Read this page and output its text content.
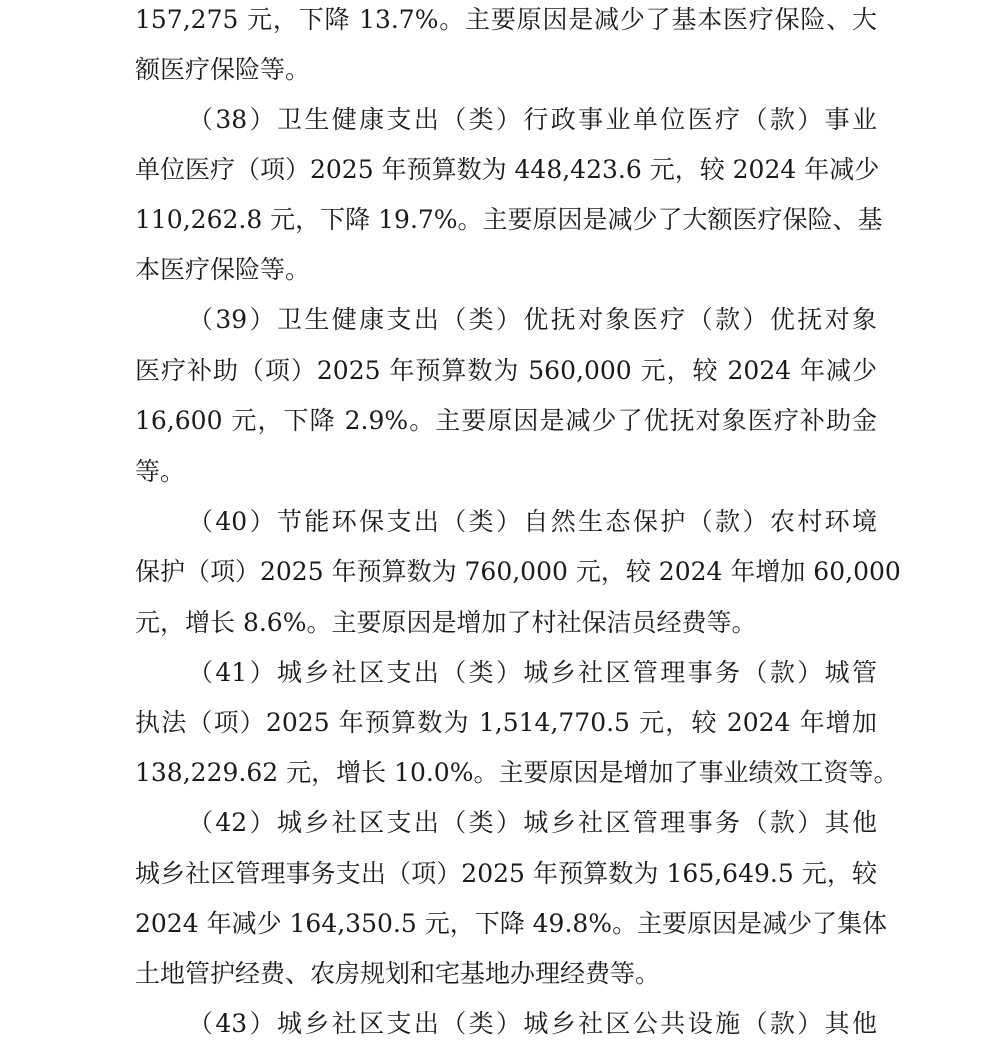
157,275 元，下降 13.7%。主要原因是减少了基本医疗保险、大
额医疗保险等。
（38）卫生健康支出（类）行政事业单位医疗（款）事业
单位医疗（项）2025 年预算数为 448,423.6 元，较 2024 年减少
110,262.8 元，下降 19.7%。主要原因是减少了大额医疗保险、基
本医疗保险等。
（39）卫生健康支出（类）优抚对象医疗（款）优抚对象
医疗补助（项）2025 年预算数为 560,000 元，较 2024 年减少
16,600 元，下降 2.9%。主要原因是减少了优抚对象医疗补助金
等。
（40）节能环保支出（类）自然生态保护（款）农村环境
保护（项）2025 年预算数为 760,000 元，较 2024 年增加 60,000
元，增长 8.6%。主要原因是增加了村社保洁员经费等。
（41）城乡社区支出（类）城乡社区管理事务（款）城管
执法（项）2025 年预算数为 1,514,770.5 元，较 2024 年增加
138,229.62 元，增长 10.0%。主要原因是增加了事业绩效工资等。
（42）城乡社区支出（类）城乡社区管理事务（款）其他
城乡社区管理事务支出（项）2025 年预算数为 165,649.5 元，较
2024 年减少 164,350.5 元，下降 49.8%。主要原因是减少了集体
土地管护经费、农房规划和宅基地办理经费等。
（43）城乡社区支出（类）城乡社区公共设施（款）其他
